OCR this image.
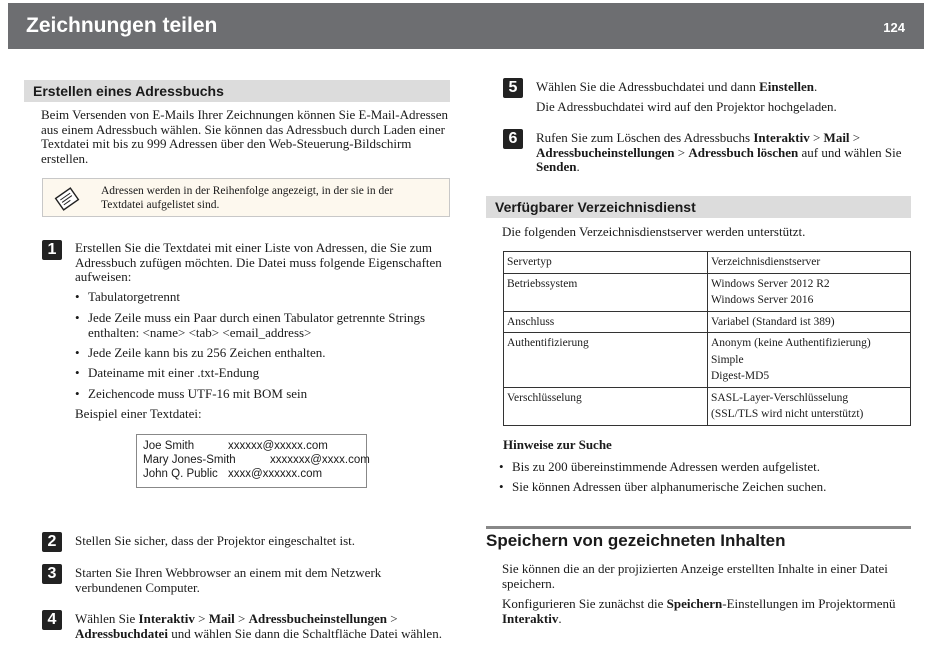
Zeichnungen teilen	124
Erstellen eines Adressbuchs
Beim Versenden von E-Mails Ihrer Zeichnungen können Sie E-Mail-Adressen
aus einem Adressbuch wählen. Sie können das Adressbuch durch Laden einer
Textdatei mit bis zu 999 Adressen über den Web-Steuerung-Bildschirm
erstellen.
Adressen werden in der Reihenfolge angezeigt, in der sie in der
Textdatei aufgelistet sind.
1	Erstellen Sie die Textdatei mit einer Liste von Adressen, die Sie zum
Adressbuch zufügen möchten. Die Datei muss folgende Eigenschaften
aufweisen:
• Tabulatorgetrennt
• Jede Zeile muss ein Paar durch einen Tabulator getrennte Strings
enthalten: <name> <tab> <email_address>
• Jede Zeile kann bis zu 256 Zeichen enthalten.
• Dateiname mit einer .txt-Endung
• Zeichencode muss UTF-16 mit BOM sein
Beispiel einer Textdatei:
Joe Smith	xxxxxx@xxxxx.com
Mary Jones-Smith	xxxxxxx@xxxx.com
John Q. Public xxxx@xxxxxx.com
2	Stellen Sie sicher, dass der Projektor eingeschaltet ist.
3	Starten Sie Ihren Webbrowser an einem mit dem Netzwerk
verbundenen Computer.
4	Wählen Sie Interaktiv > Mail > Adressbucheinstellungen >
Adressbuchdatei und wählen Sie dann die Schaltfläche Datei wählen.
5	Wählen Sie die Adressbuchdatei und dann Einstellen.
Die Adressbuchdatei wird auf den Projektor hochgeladen.
6	Rufen Sie zum Löschen des Adressbuchs Interaktiv > Mail >
Adressbucheinstellungen > Adressbuch löschen auf und wählen Sie
Senden.
Verfügbarer Verzeichnisdienst
Die folgenden Verzeichnisdienstserver werden unterstützt.
Servertyp	Verzeichnisdienstserver

Betriebssystem	Windows Server 2012 R2
Windows Server 2016

Anschluss	Variabel (Standard ist 389)

Authentifizierung	Anonym (keine Authentifizierung)
Simple
Digest-MD5

Verschlüsselung	SASL-Layer-Verschlüsselung
(SSL/TLS wird nicht unterstützt)
Hinweise zur Suche
• Bis zu 200 übereinstimmende Adressen werden aufgelistet.
• Sie können Adressen über alphanumerische Zeichen suchen.
Speichern von gezeichneten Inhalten
Sie können die an der projizierten Anzeige erstellten Inhalte in einer Datei
speichern.
Konfigurieren Sie zunächst die Speichern-Einstellungen im Projektormenü
Interaktiv.
